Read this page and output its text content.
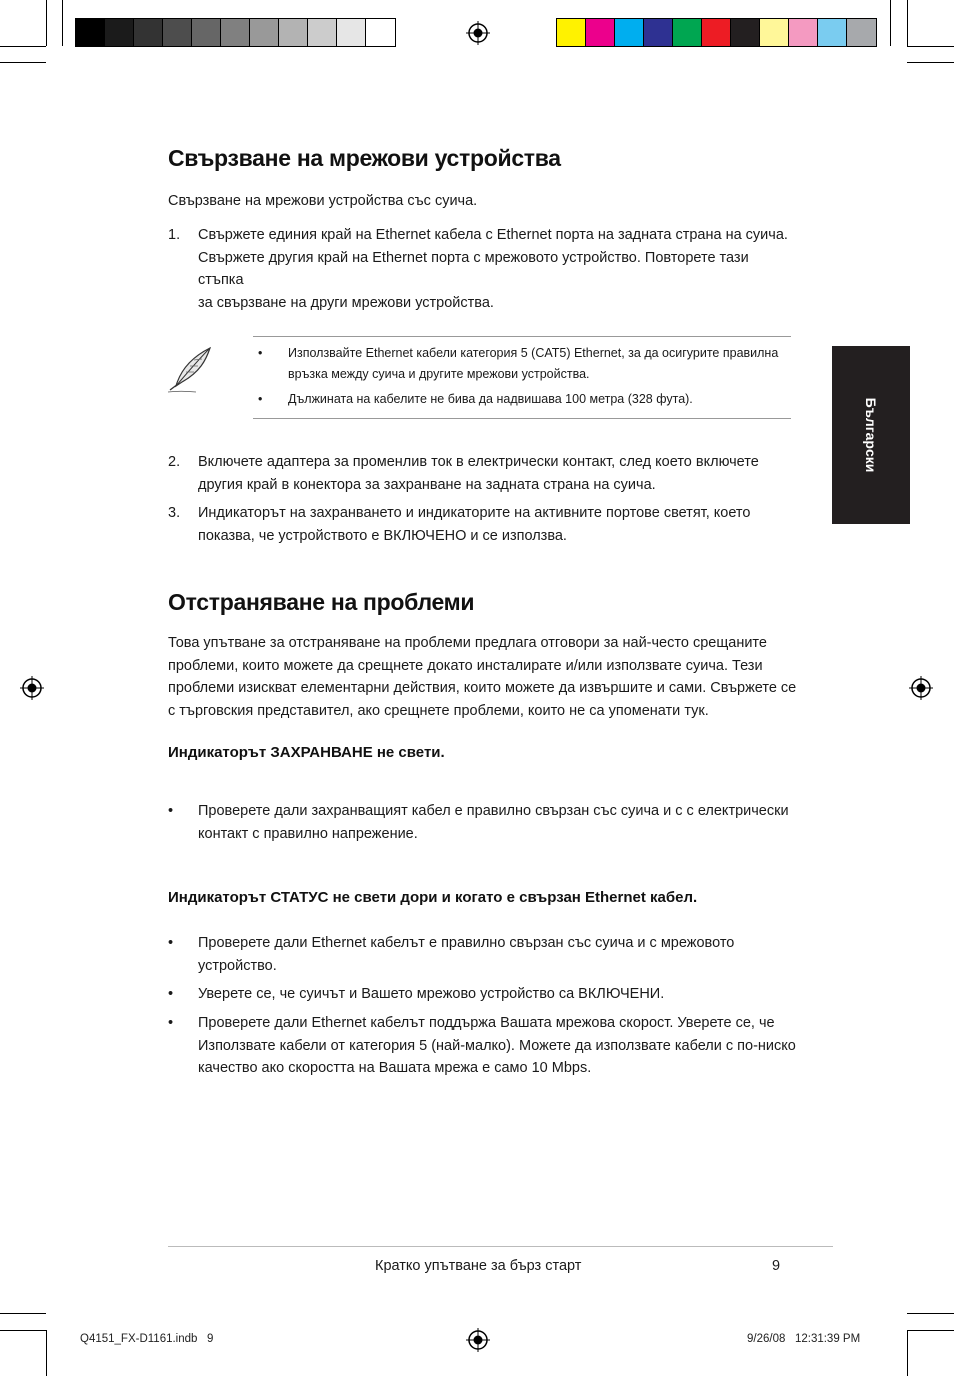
Свързване на мрежови устройства
Свързване на мрежови устройства със суича.
1. Свържете единия край на Ethernet кабела с Ethernet порта на задната страна на суича.
Свържете другия край на Ethernet порта с мрежовото устройство. Повторете тази стъпка
за свързване на други мрежови устройства.
• Използвайте Ethernet кабели категория 5 (CAT5) Ethernet, за да осигурите правилна
връзка между суича и другите мрежови устройства.
• Дължината на кабелите не бива да надвишава 100 метра (328 фута).
2. Включете адаптера за променлив ток в електрически контакт, след което включете
другия край в конектора за захранване на задната страна на суича.
3. Индикаторът на захранването и индикаторите на активните портове светят, което
показва, че устройството е ВКЛЮЧЕНО и се използва.
Отстраняване на проблеми
Това упътване за отстраняване на проблеми предлага отговори за най-често срещаните
проблеми, които можете да срещнете докато инсталирате и/или използвате суича. Тези
проблеми изискват елементарни действия, които можете да извършите и сами. Свържете се
с търговския представител, ако срещнете проблеми, които не са упоменати тук.
Индикаторът ЗАХРАНВАНЕ не свети.
• Проверете дали захранващият кабел е правилно свързан със суича и с с електрически
контакт с правилно напрежение.
Индикаторът СТАТУС не свети дори и когато е свързан Ethernet кабел.
• Проверете дали Ethernet кабелът е правилно свързан със суича и с мрежовото
устройство.
• Уверете се, че суичът и Вашето мрежово устройство са ВКЛЮЧЕНИ.
• Проверете дали Ethernet кабелът поддържа Вашата мрежова скорост. Уверете се, че
Използвате кабели от категория 5 (най-малко). Можете да използвате кабели с по-ниско
качество ако скоростта на Вашата мрежа е само 10 Mbps.
Български
Кратко упътване за бърз старт	9
Q4151_FX-D1161.indb   9	9/26/08   12:31:39 PM
